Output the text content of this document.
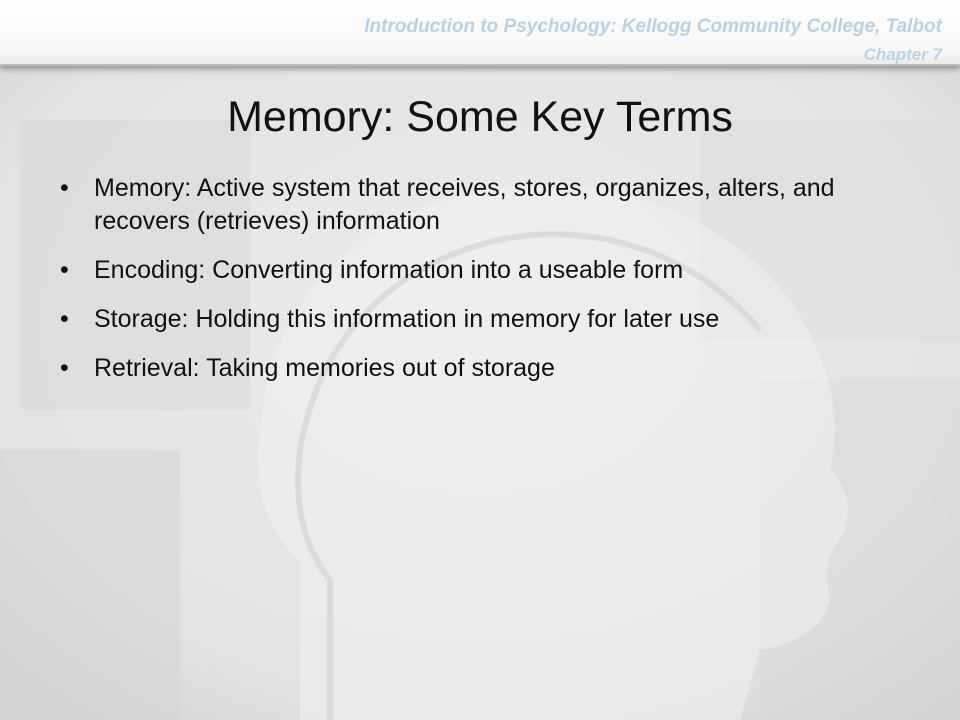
Introduction to Psychology: Kellogg Community College, Talbot

Chapter 7

Memory: Some Key Terms
• Memory: Active system that receives, stores, organizes, alters, and recovers (retrieves) information
• Encoding: Converting information into a useable form
• Storage: Holding this information in memory for later use
• Retrieval: Taking memories out of storage
